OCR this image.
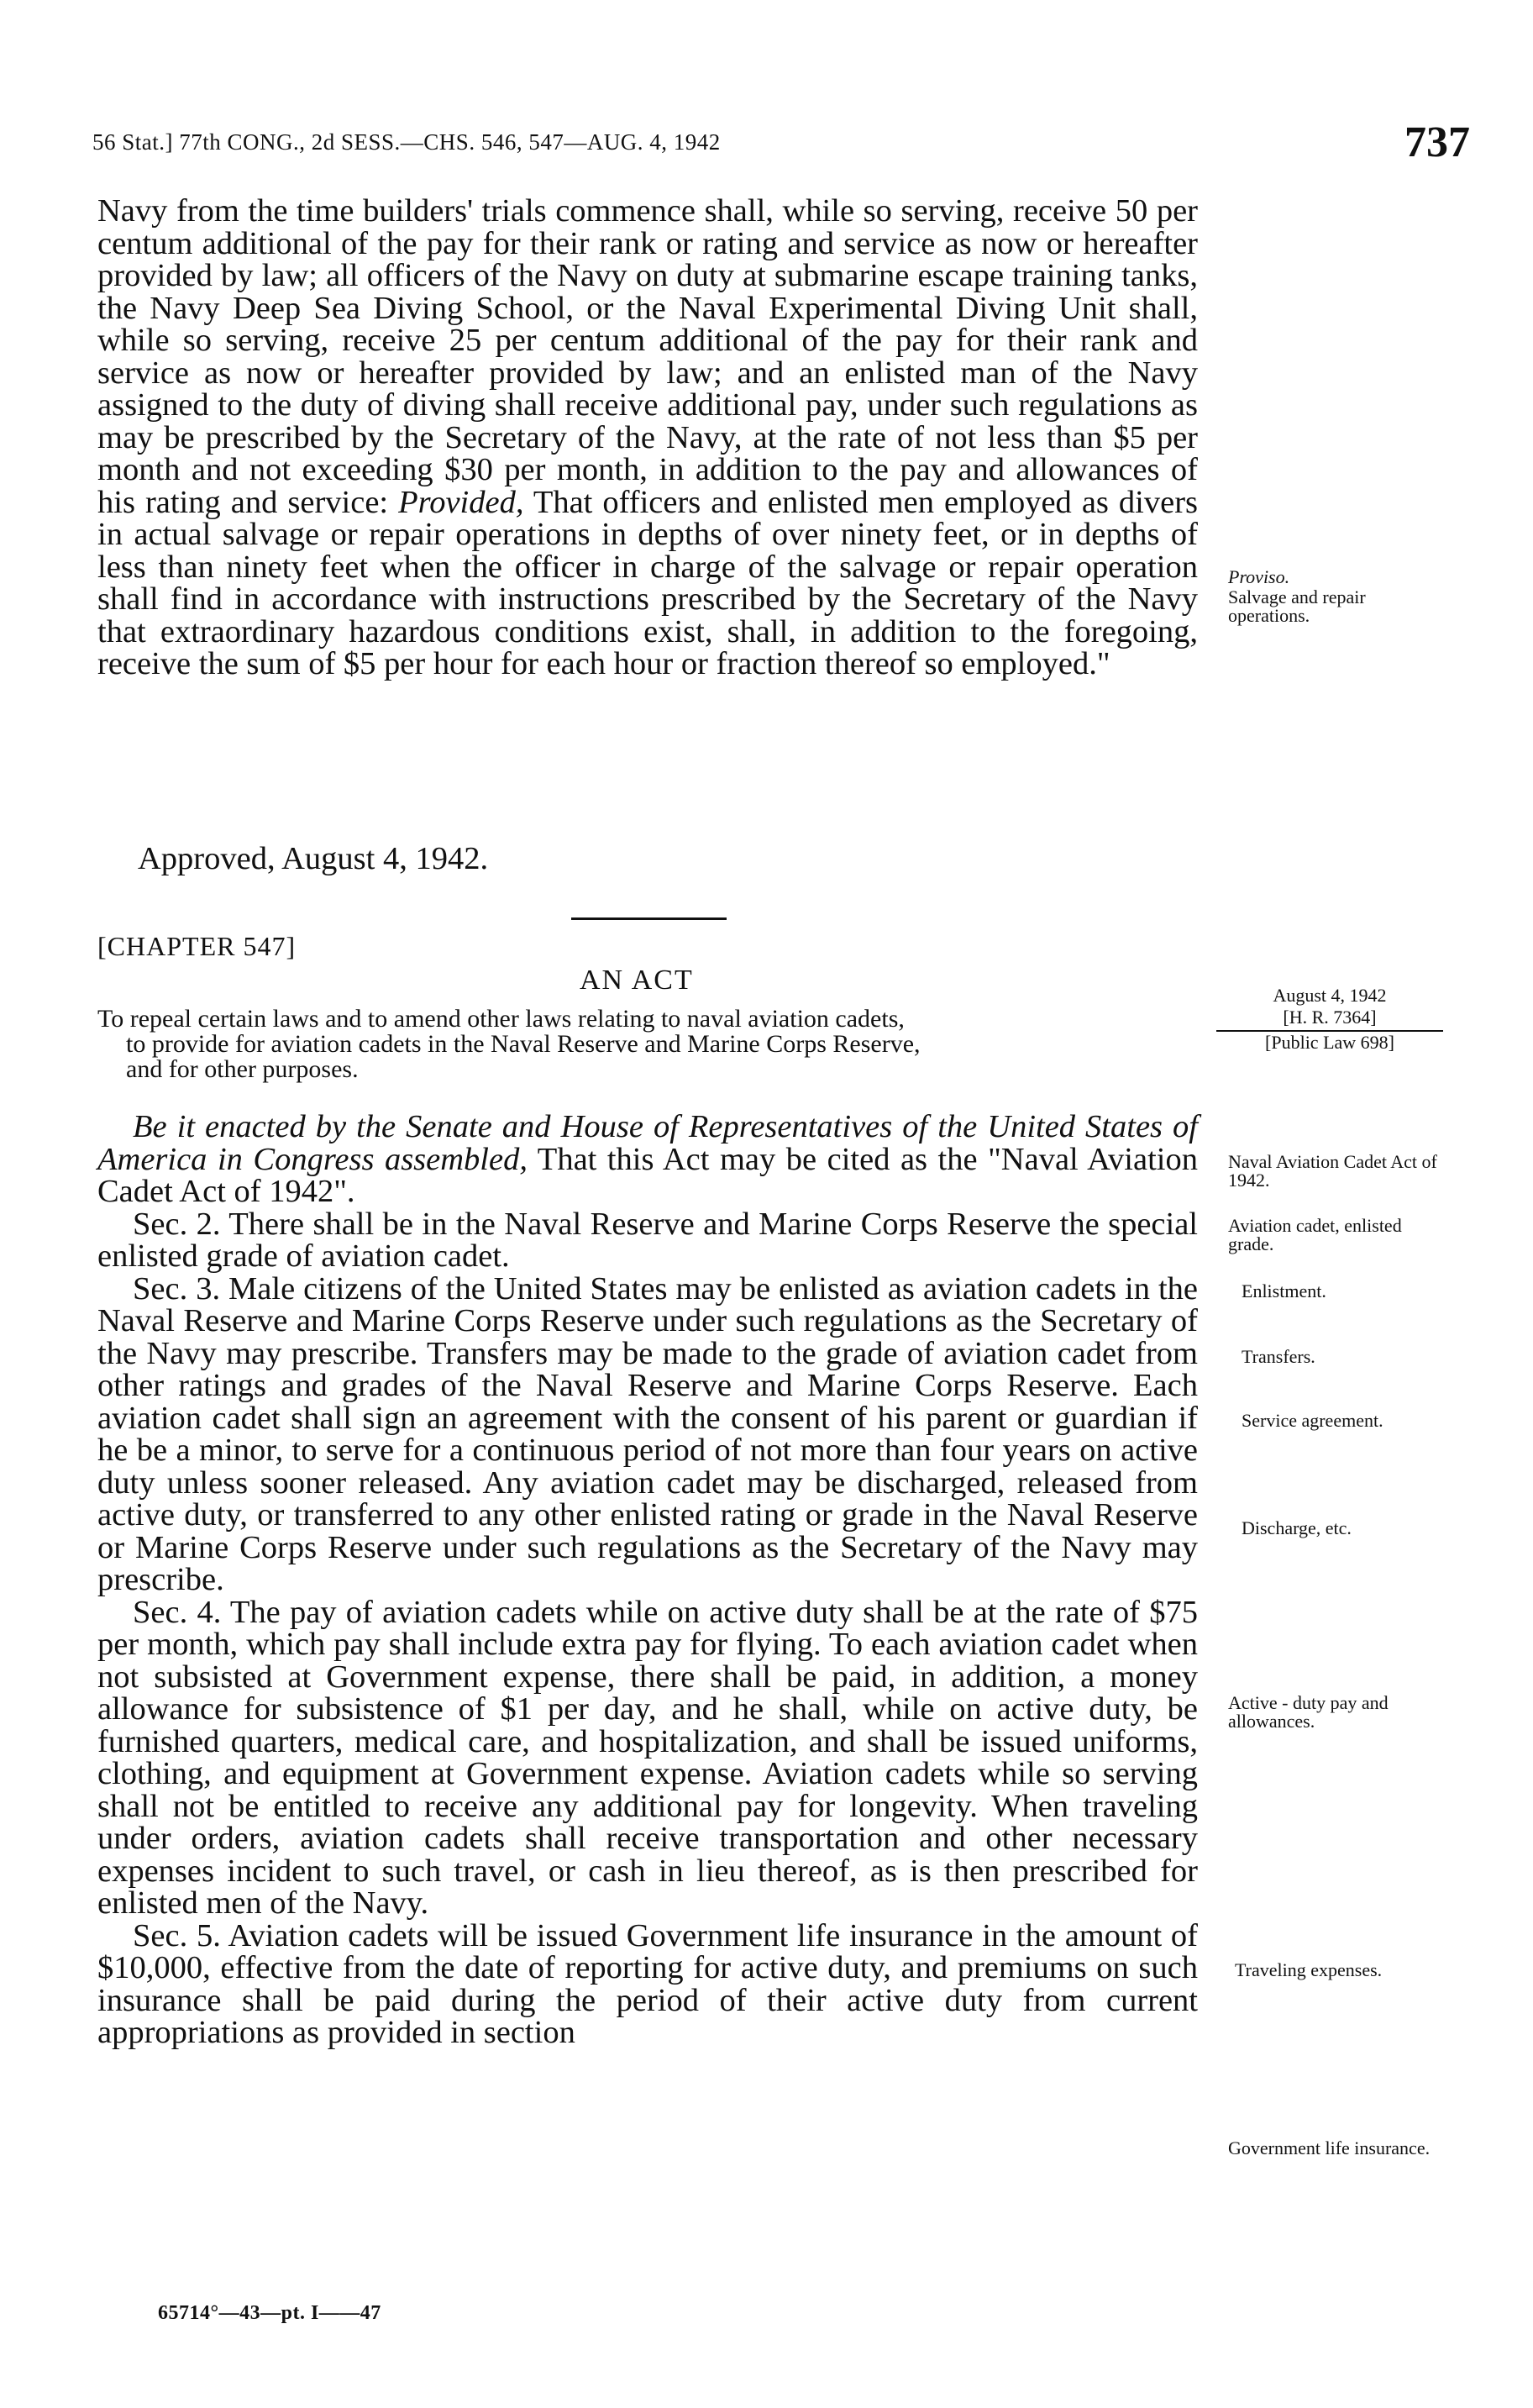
56 Stat.] 77th CONG., 2d SESS.—CHS. 546, 547—AUG. 4, 1942	737

Navy from the time builders' trials commence shall, while so serving, receive 50 per centum additional of the pay for their rank or rating and service as now or hereafter provided by law; all officers of the Navy on duty at submarine escape training tanks, the Navy Deep Sea Diving School, or the Naval Experimental Diving Unit shall, while so serving, receive 25 per centum additional of the pay for their rank and service as now or hereafter provided by law; and an enlisted man of the Navy assigned to the duty of diving shall receive additional pay, under such regulations as may be prescribed by the Secretary of the Navy, at the rate of not less than $5 per month and not exceeding $30 per month, in addition to the pay and allowances of his rating and service: Provided, That officers and enlisted men employed as divers in actual salvage or repair operations in depths of over ninety feet, or in depths of less than ninety feet when the officer in charge of the salvage or repair operation shall find in accordance with instructions prescribed by the Secretary of the Navy that extraordinary hazardous conditions exist, shall, in addition to the foregoing, receive the sum of $5 per hour for each hour or fraction thereof so employed."

Approved, August 4, 1942.
[CHAPTER 547]
AN ACT
To repeal certain laws and to amend other laws relating to naval aviation cadets,
to provide for aviation cadets in the Naval Reserve and Marine Corps Reserve,
and for other purposes.
August 4, 1942
[H. R. 7364]
[Public Law 698]

Be it enacted by the Senate and House of Representatives of the United States of America in Congress assembled, That this Act may be cited as the "Naval Aviation Cadet Act of 1942".

Sec. 2. There shall be in the Naval Reserve and Marine Corps Reserve the special enlisted grade of aviation cadet.

Sec. 3. Male citizens of the United States may be enlisted as aviation cadets in the Naval Reserve and Marine Corps Reserve under such regulations as the Secretary of the Navy may prescribe. Transfers may be made to the grade of aviation cadet from other ratings and grades of the Naval Reserve and Marine Corps Reserve. Each aviation cadet shall sign an agreement with the consent of his parent or guardian if he be a minor, to serve for a continuous period of not more than four years on active duty unless sooner released. Any aviation cadet may be discharged, released from active duty, or transferred to any other enlisted rating or grade in the Naval Reserve or Marine Corps Reserve under such regulations as the Secretary of the Navy may prescribe.

Sec. 4. The pay of aviation cadets while on active duty shall be at the rate of $75 per month, which pay shall include extra pay for flying. To each aviation cadet when not subsisted at Government expense, there shall be paid, in addition, a money allowance for subsistence of $1 per day, and he shall, while on active duty, be furnished quarters, medical care, and hospitalization, and shall be issued uniforms, clothing, and equipment at Government expense. Aviation cadets while so serving shall not be entitled to receive any additional pay for longevity. When traveling under orders, aviation cadets shall receive transportation and other necessary expenses incident to such travel, or cash in lieu thereof, as is then prescribed for enlisted men of the Navy.

Sec. 5. Aviation cadets will be issued Government life insurance in the amount of $10,000, effective from the date of reporting for active duty, and premiums on such insurance shall be paid during the period of their active duty from current appropriations as provided in section

Proviso.
Salvage and repair operations.
Naval Aviation Cadet Act of 1942.
Aviation cadet, enlisted grade.
Enlistment.
Transfers.
Service agreement.
Discharge, etc.
Active - duty pay and allowances.
Traveling expenses.
Government life insurance.
65714°—43—pt. I——47
